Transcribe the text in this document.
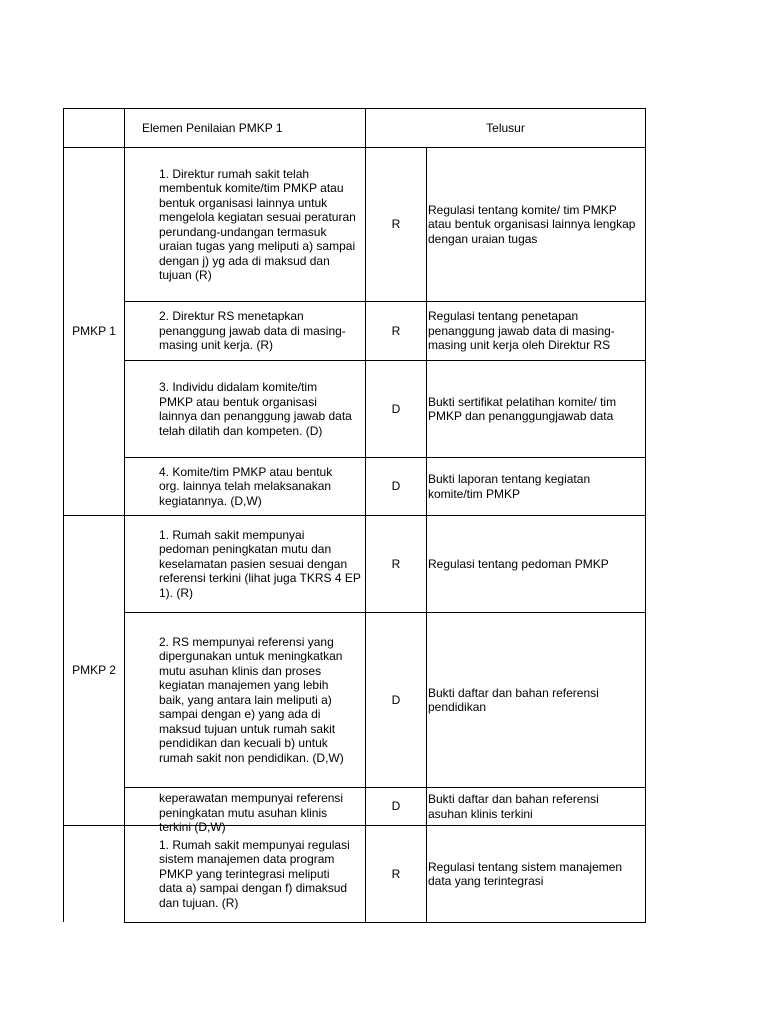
Elemen Penilaian PMKP 1	Telusur
PMKP 1
PMKP 2
1. Direktur rumah sakit telah
membentuk komite/tim PMKP atau
bentuk organisasi lainnya untuk
mengelola kegiatan sesuai peraturan
perundang-undangan termasuk
uraian tugas yang meliputi a) sampai
dengan j) yg ada di maksud dan
tujuan (R)
R
Regulasi tentang komite/ tim PMKP
atau bentuk organisasi lainnya lengkap
dengan uraian tugas
2. Direktur RS menetapkan
penanggung jawab data di masing-
masing unit kerja. (R)
R
Regulasi tentang penetapan
penanggung jawab data di masing-
masing unit kerja oleh Direktur RS
3. Individu didalam komite/tim
PMKP atau bentuk organisasi
lainnya dan penanggung jawab data
telah dilatih dan kompeten. (D)
D
Bukti sertifikat pelatihan komite/ tim
PMKP dan penanggungjawab data
4. Komite/tim PMKP atau bentuk
org. lainnya telah melaksanakan
kegiatannya. (D,W)
D
Bukti laporan tentang kegiatan
komite/tim PMKP
1. Rumah sakit mempunyai
pedoman peningkatan mutu dan
keselamatan pasien sesuai dengan
referensi terkini (lihat juga TKRS 4 EP
1). (R)
R Regulasi tentang pedoman PMKP
2. RS mempunyai referensi yang
dipergunakan untuk meningkatkan
mutu asuhan klinis dan proses
kegiatan manajemen yang lebih
baik, yang antara lain meliputi a)
sampai dengan e) yang ada di
maksud tujuan untuk rumah sakit
pendidikan dan kecuali b) untuk
rumah sakit non pendidikan. (D,W)
D
Bukti daftar dan bahan referensi
pendidikan
keperawatan mempunyai referensi
peningkatan mutu asuhan klinis
terkini (D,W)
D
Bukti daftar dan bahan referensi
asuhan klinis terkini
1. Rumah sakit mempunyai regulasi
sistem manajemen data program
PMKP yang terintegrasi meliputi
data a) sampai dengan f) dimaksud
dan tujuan. (R)
R
Regulasi tentang sistem manajemen
data yang terintegrasi
